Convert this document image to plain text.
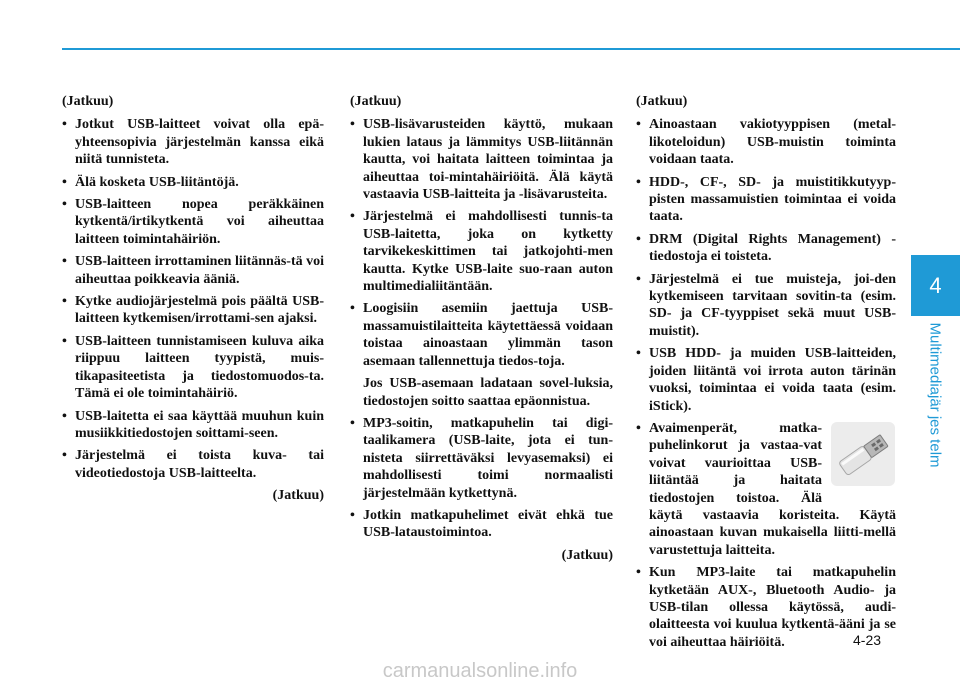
(Jatkuu)

• Jotkut USB-laitteet voivat olla epä-yhteensopivia järjestelmän kanssa eikä niitä tunnisteta.
• Älä kosketa USB-liitäntöjä.
• USB-laitteen nopea peräkkäinen kytkentä/irtikytkentä voi aiheuttaa laitteen toimintahäiriön.
• USB-laitteen irrottaminen liitännäs-tä voi aiheuttaa poikkeavia ääniä.
• Kytke audiojärjestelmä pois päältä USB-laitteen kytkemisen/irrottami-sen ajaksi.
• USB-laitteen tunnistamiseen kuluva aika riippuu laitteen tyypistä, muis-tikapasiteetista ja tiedostomuodos-ta. Tämä ei ole toimintahäiriö.
• USB-laitetta ei saa käyttää muuhun kuin musiikkitiedostojen soittami-seen.
• Järjestelmä ei toista kuva- tai videotiedostoja USB-laitteelta.
(Jatkuu)

(Jatkuu)

• USB-lisävarusteiden käyttö, mukaan lukien lataus ja lämmitys USB-liitännän kautta, voi haitata laitteen toimintaa ja aiheuttaa toi-mintahäiriöitä. Älä käytä vastaavia USB-laitteita ja -lisävarusteita.
• Järjestelmä ei mahdollisesti tunnis-ta USB-laitetta, joka on kytketty tarvikekeskittimen tai jatkojohti-men kautta. Kytke USB-laite suo-raan auton multimedialiitäntään.
• Loogisiin asemiin jaettuja USB-massamuistilaitteita käytettäessä voidaan toistaa ainoastaan ylimmän tason asemaan tallennettuja tiedos-toja.
Jos USB-asemaan ladataan sovel-luksia, tiedostojen soitto saattaa epäonnistua.
• MP3-soitin, matkapuhelin tai digi-taalikamera (USB-laite, jota ei tun-nisteta siirrettäväksi levyasemaksi) ei mahdollisesti toimi normaalisti järjestelmään kytkettynä.
• Jotkin matkapuhelimet eivät ehkä tue USB-lataustoimintoa.
(Jatkuu)

(Jatkuu)

• Ainoastaan vakiotyyppisen (metal-likoteloidun) USB-muistin toiminta voidaan taata.
• HDD-, CF-, SD- ja muistitikkutyyp-pisten massamuistien toimintaa ei voida taata.
• DRM (Digital Rights Management) -tiedostoja ei toisteta.
• Järjestelmä ei tue muisteja, joi-den kytkemiseen tarvitaan sovitin-ta (esim. SD- ja CF-tyyppiset sekä muut USB-muistit).
• USB HDD- ja muiden USB-laitteiden, joiden liitäntä voi irrota auton tärinän vuoksi, toimintaa ei voida taata (esim. iStick).
• Avaimenperät, matka-puhelinkorut ja vastaa-vat voivat vaurioittaa USB-liitäntää ja haitata tiedostojen toistoa. Älä käytä vastaavia koristeita. Käytä ainoastaan kuvan mukaisella liitti-mellä varustettuja laitteita.
• Kun MP3-laite tai matkapuhelin kytketään AUX-, Bluetooth Audio- ja USB-tilan ollessa käytössä, audi-olaitteesta voi kuulua kytkentä-ääni ja se voi aiheuttaa häiriöitä.
4
Multimediajär jes telm
4-23
carmanualsonline.info
